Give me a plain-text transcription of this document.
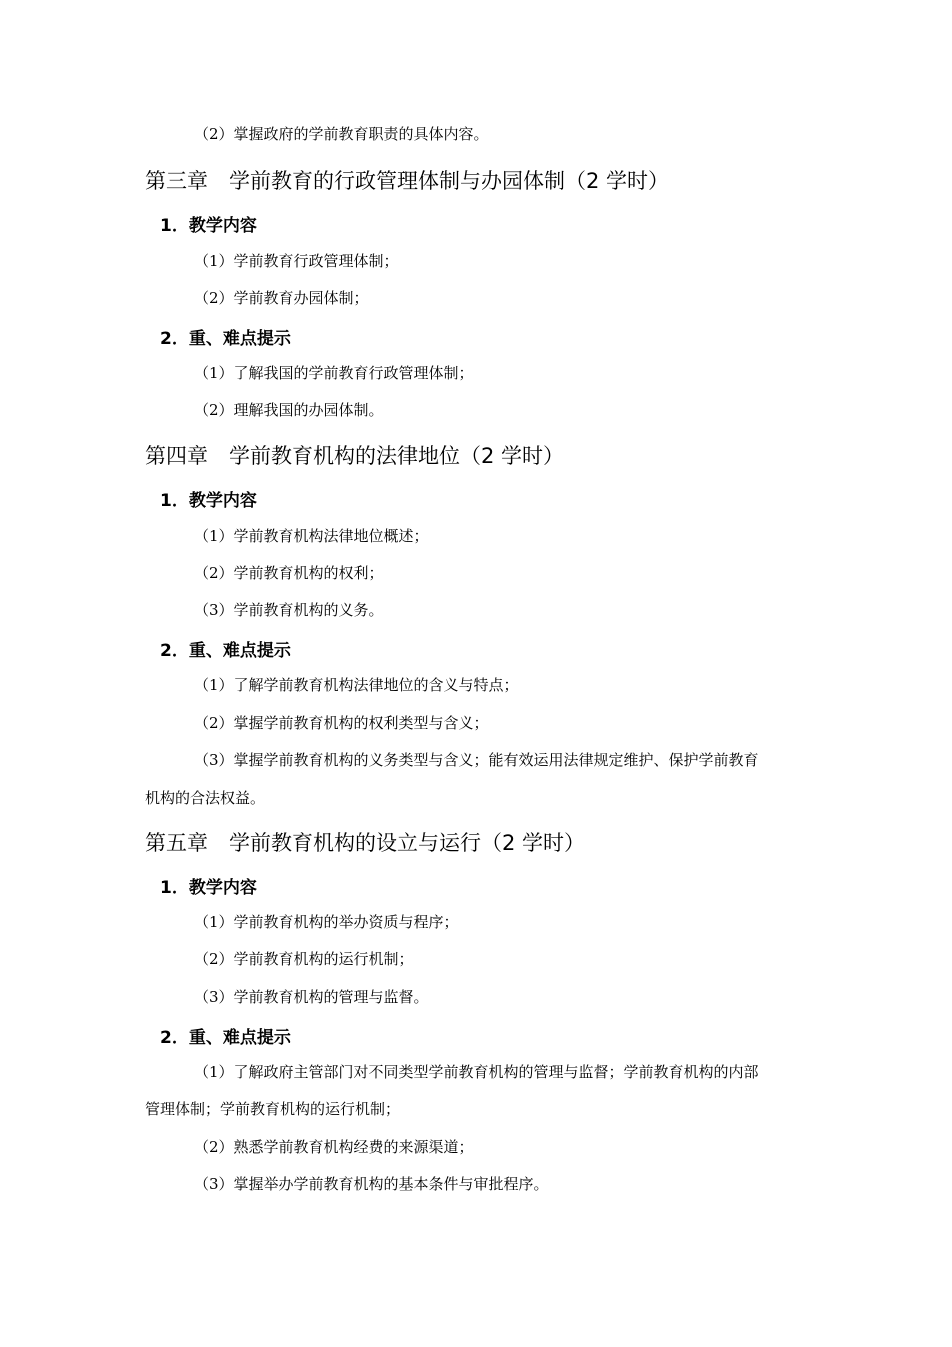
（2）掌握政府的学前教育职责的具体内容。
第三章　学前教育的行政管理体制与办园体制（2 学时）
1．教学内容
（1）学前教育行政管理体制；
（2）学前教育办园体制；
2．重、难点提示
（1）了解我国的学前教育行政管理体制；
（2）理解我国的办园体制。
第四章　学前教育机构的法律地位（2 学时）
1．教学内容
（1）学前教育机构法律地位概述；
（2）学前教育机构的权利；
（3）学前教育机构的义务。
2．重、难点提示
（1）了解学前教育机构法律地位的含义与特点；
（2）掌握学前教育机构的权利类型与含义；
（3）掌握学前教育机构的义务类型与含义；能有效运用法律规定维护、保护学前教育
机构的合法权益。
第五章　学前教育机构的设立与运行（2 学时）
1．教学内容
（1）学前教育机构的举办资质与程序；
（2）学前教育机构的运行机制；
（3）学前教育机构的管理与监督。
2．重、难点提示
（1）了解政府主管部门对不同类型学前教育机构的管理与监督；学前教育机构的内部
管理体制；学前教育机构的运行机制；
（2）熟悉学前教育机构经费的来源渠道；
（3）掌握举办学前教育机构的基本条件与审批程序。
